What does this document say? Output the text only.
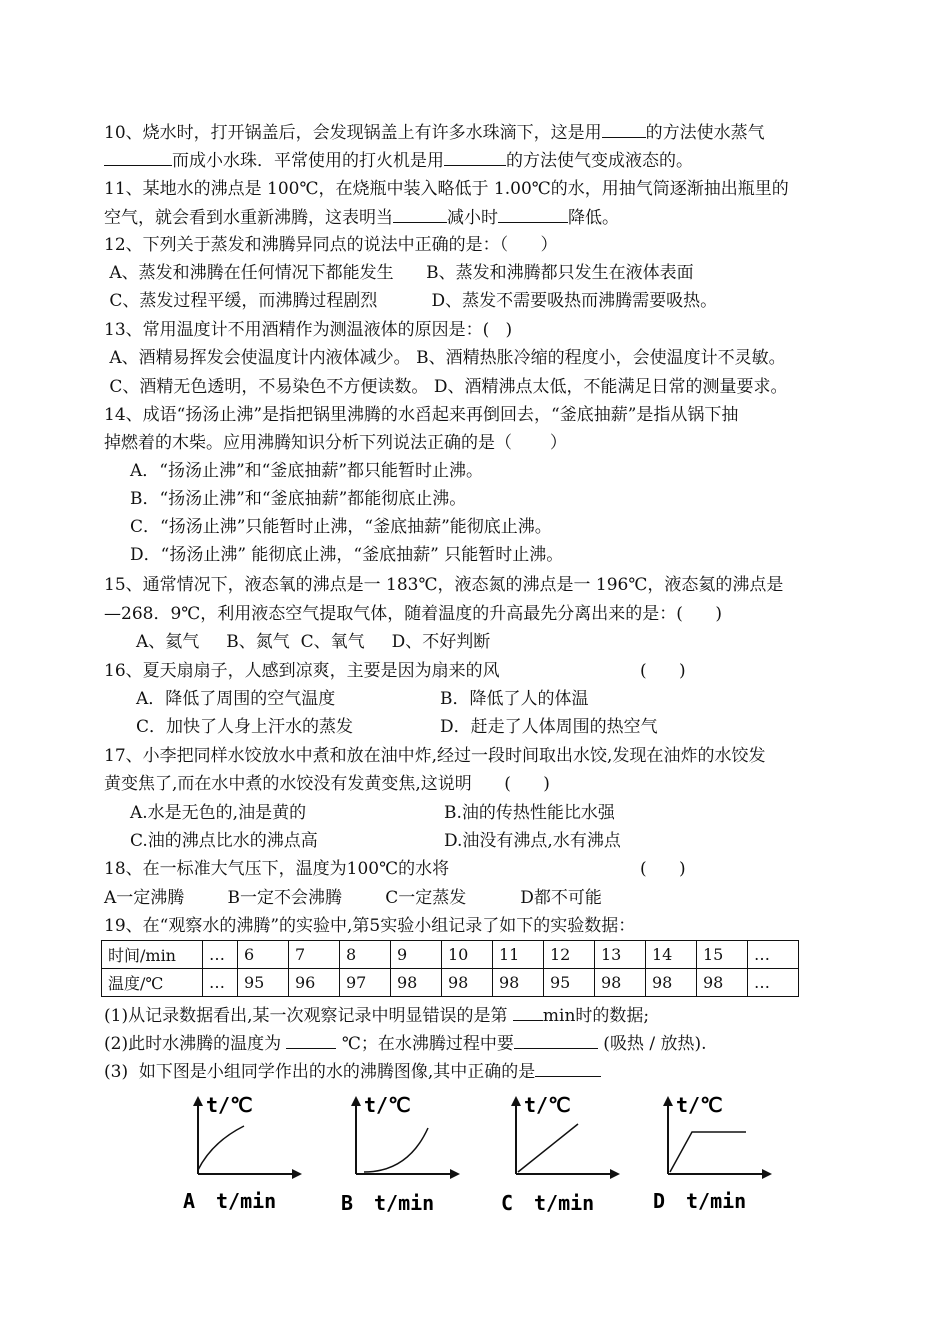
10、烧水时，打开锅盖后，会发现锅盖上有许多水珠滴下，这是用	的方法使水蒸气
而成小水珠．平常使用的打火机是用	的方法使气变成液态的。
11、某地水的沸点是 100℃，在烧瓶中装入略低于 1.00℃的水，用抽气筒逐渐抽出瓶里的
空气，就会看到水重新沸腾，这表明当	减小时	降低。
12、下列关于蒸发和沸腾异同点的说法中正确的是：（      ）
A、蒸发和沸腾在任何情况下都能发生      B、蒸发和沸腾都只发生在液体表面
C、蒸发过程平缓，而沸腾过程剧烈          D、蒸发不需要吸热而沸腾需要吸热。
13、常用温度计不用酒精作为测温液体的原因是：(   )
A、酒精易挥发会使温度计内液体减少。 B、酒精热胀冷缩的程度小，会使温度计不灵敏。
C、酒精无色透明，不易染色不方便读数。 D、酒精沸点太低，不能满足日常的测量要求。
14、成语“扬汤止沸”是指把锅里沸腾的水舀起来再倒回去，“釜底抽薪”是指从锅下抽
掉燃着的木柴。应用沸腾知识分析下列说法正确的是（       ）
A．“扬汤止沸”和“釜底抽薪”都只能暂时止沸。
B．“扬汤止沸”和“釜底抽薪”都能彻底止沸。
C．“扬汤止沸”只能暂时止沸，“釜底抽薪”能彻底止沸。
D．“扬汤止沸” 能彻底止沸，“釜底抽薪” 只能暂时止沸。
15、通常情况下，液态氧的沸点是一 183℃，液态氮的沸点是一 196℃，液态氦的沸点是
—268．9℃，利用液态空气提取气体，随着温度的升高最先分离出来的是：(      )
A、氦气     B、氮气  C、氧气     D、不好判断
16、夏天扇扇子，人感到凉爽，主要是因为扇来的风	(      )
A．降低了周围的空气温度	B．降低了人的体温
C．加快了人身上汗水的蒸发	D．赶走了人体周围的热空气
17、小李把同样水饺放水中煮和放在油中炸,经过一段时间取出水饺,发现在油炸的水饺发
黄变焦了,而在水中煮的水饺没有发黄变焦,这说明      (      )
A.水是无色的,油是黄的	B.油的传热性能比水强
C.油的沸点比水的沸点高	D.油没有沸点,水有沸点
18、在一标准大气压下，温度为100℃的水将	(      )
A一定沸腾        B一定不会沸腾        C一定蒸发          D都不可能
19、在“观察水的沸腾”的实验中,第5实验小组记录了如下的实验数据：
时间/min	…	6	7	8	9	10	11	12	13	14	15	…
温度/℃	…	95	96	97	98	98	98	95	98	98	98	…
(1)从记录数据看出,某一次观察记录中明显错误的是第 min时的数据;
(2)此时水沸腾的温度为	℃；在水沸腾过程中要	(吸热 / 放热).
(3)  如下图是小组同学作出的水的沸腾图像,其中正确的是
t/℃
A t/min
t/℃
B t/min
t/℃
C t/min
t/℃
D t/min
